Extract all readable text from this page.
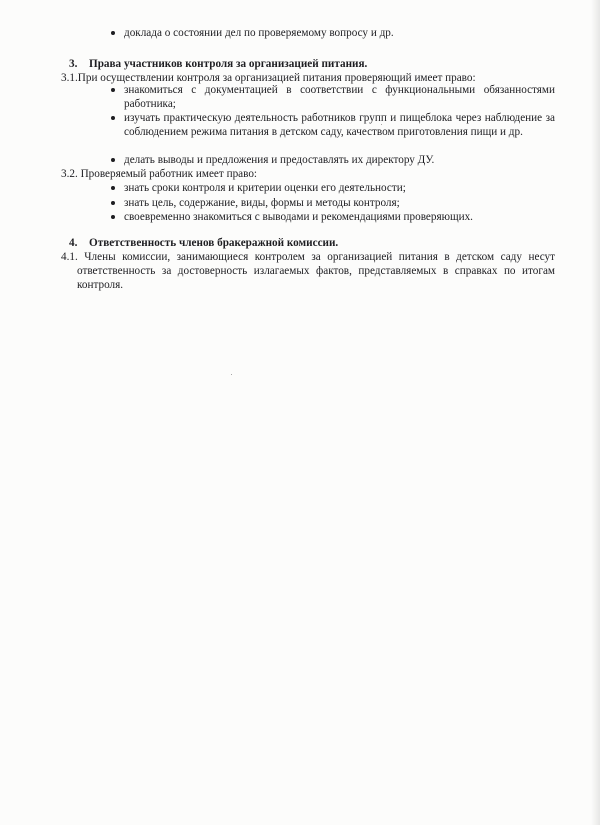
доклада о состоянии дел по проверяемому вопросу и др.
3. Права участников контроля за организацией питания.
3.1.При осуществлении контроля за организацией питания проверяющий имеет право:
знакомиться с документацией в соответствии с функциональными обязанностями работника;
изучать практическую деятельность работников групп и пищеблока через наблюдение за соблюдением режима питания в детском саду, качеством приготовления пищи и др.
делать выводы и предложения и предоставлять их директору ДУ.
3.2. Проверяемый работник имеет право:
знать сроки контроля и критерии оценки его деятельности;
знать цель, содержание, виды, формы и методы контроля;
своевременно знакомиться с выводами и рекомендациями проверяющих.
4. Ответственность членов бракеражной комиссии.
4.1. Члены комиссии, занимающиеся контролем за организацией питания в детском саду несут ответственность за достоверность излагаемых фактов, представляемых в справках по итогам контроля.
